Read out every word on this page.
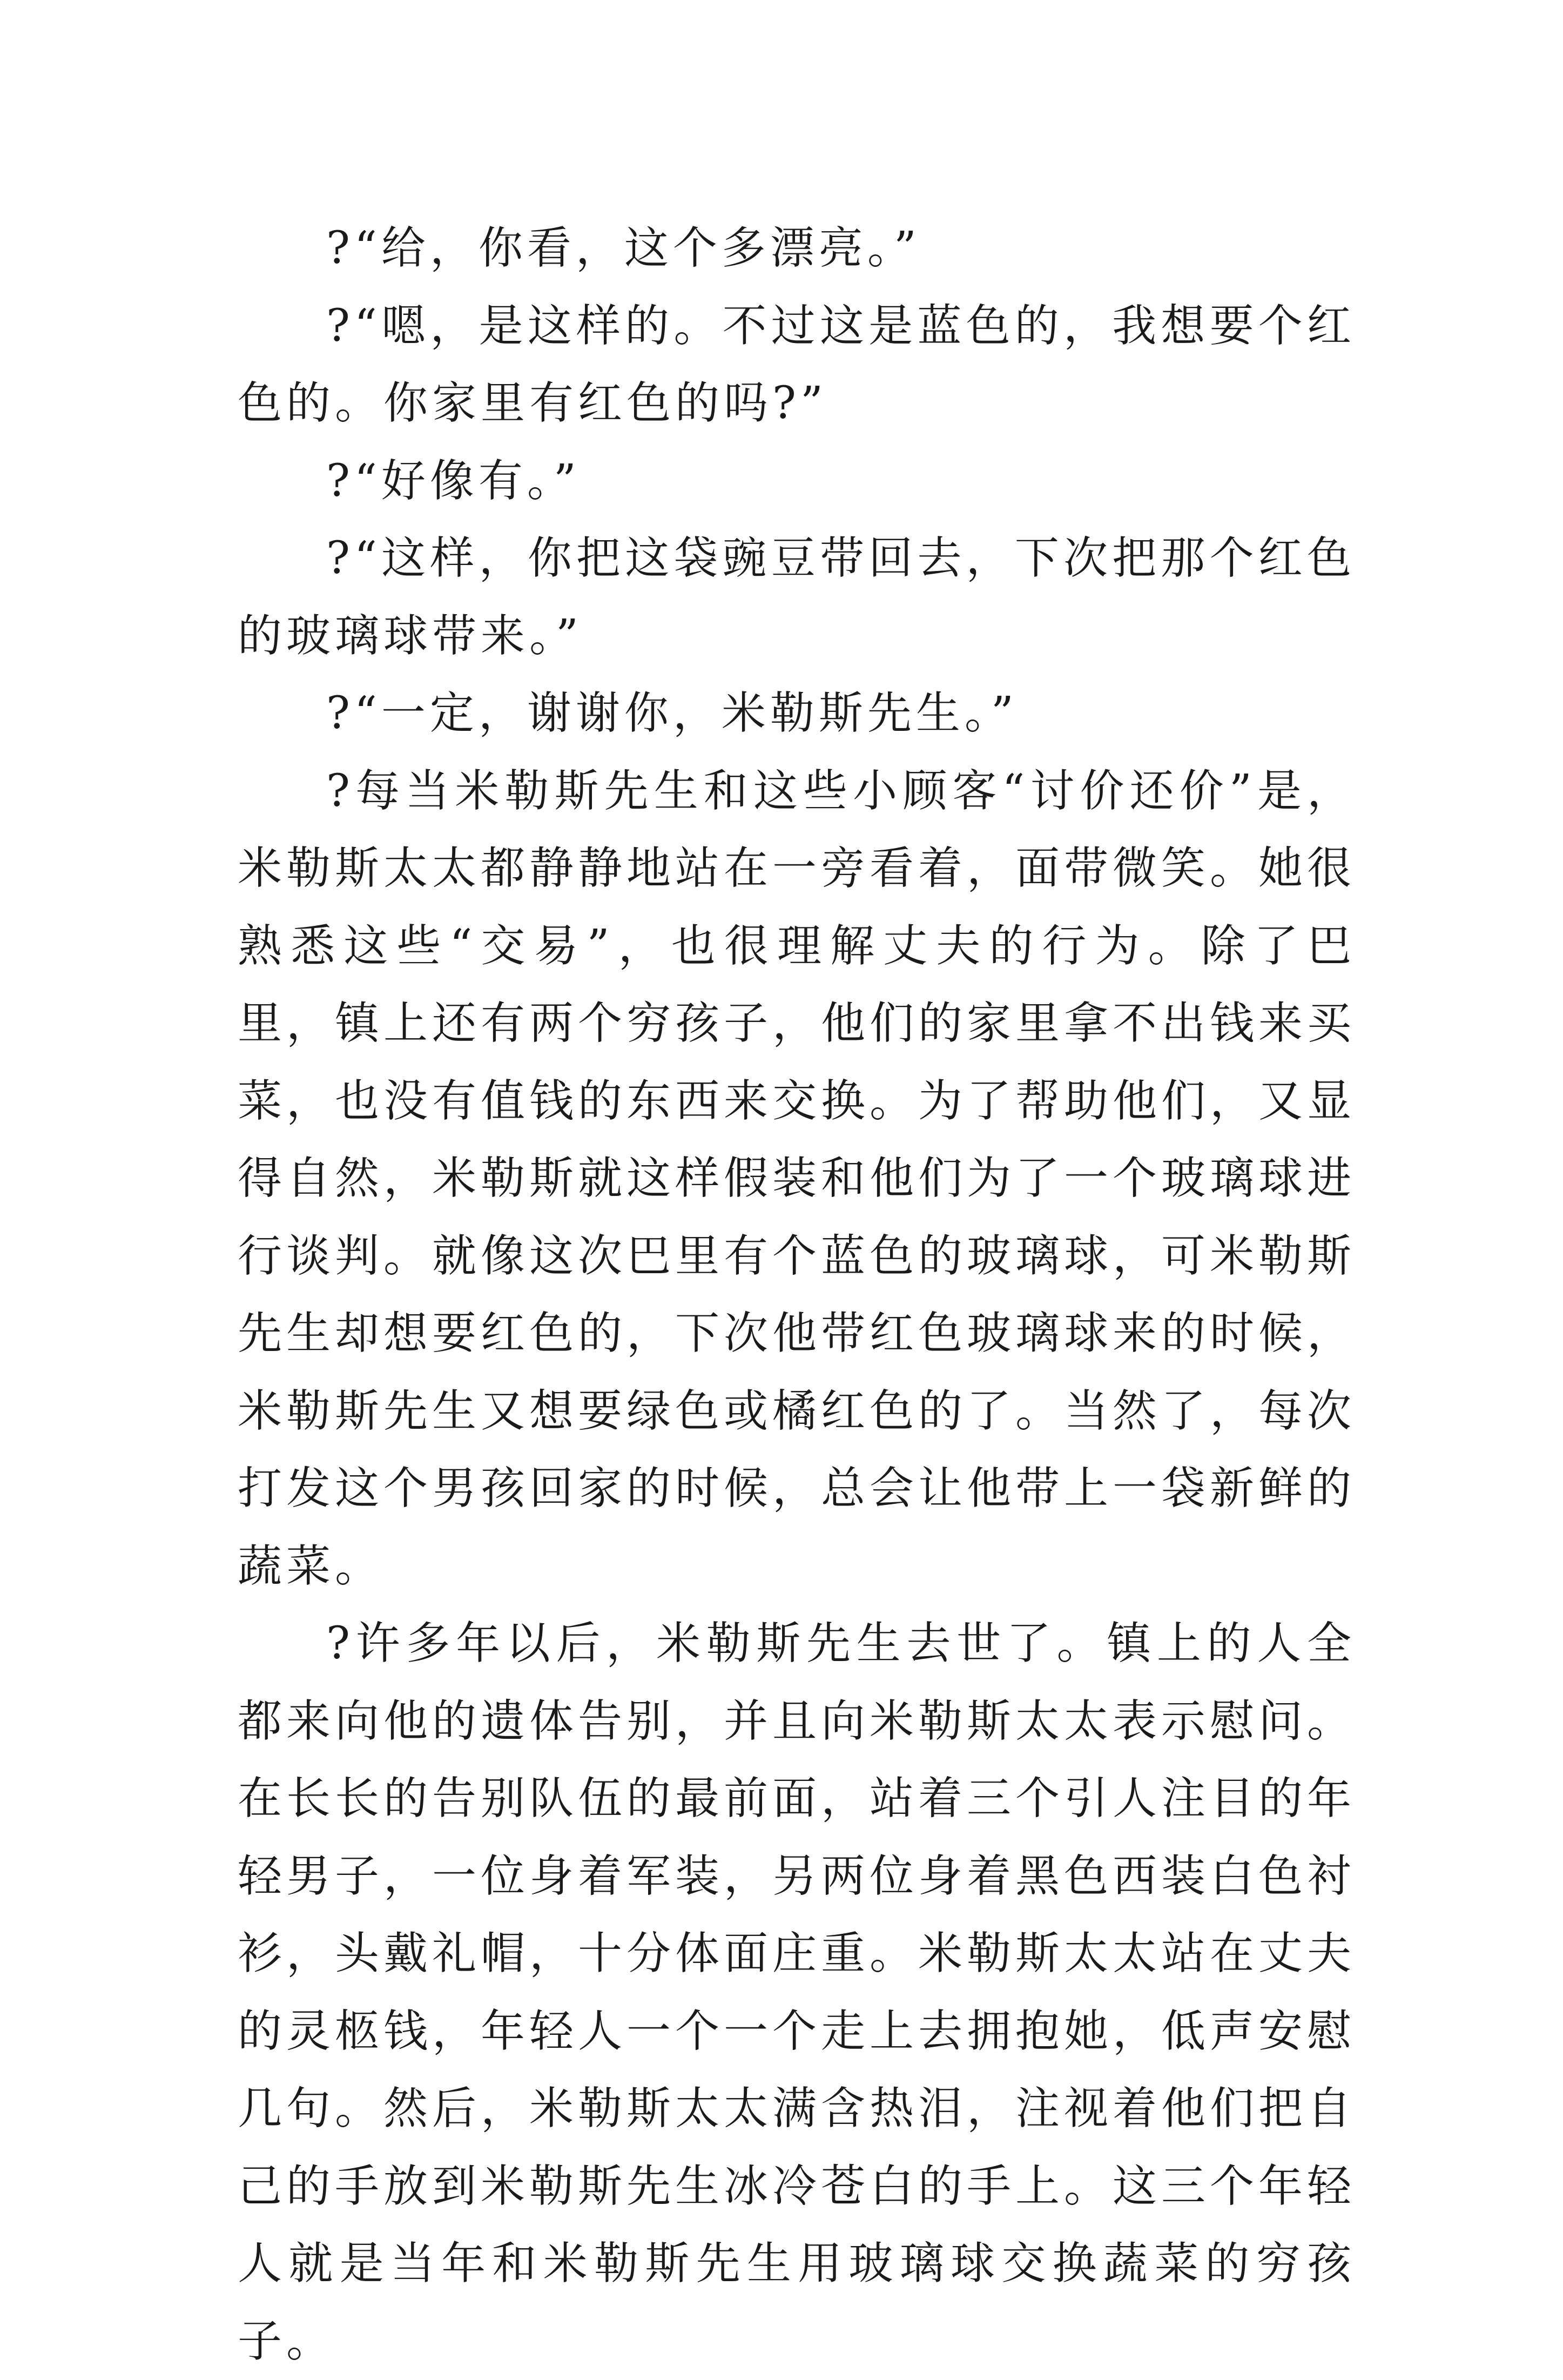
?“给，你看，这个多漂亮。”

?“嗯，是这样的。不过这是蓝色的，我想要个红色的。你家里有红色的吗?”

?“好像有。”

?“这样，你把这袋豌豆带回去，下次把那个红色的玻璃球带来。”

?“一定，谢谢你，米勒斯先生。”

?每当米勒斯先生和这些小顾客“讨价还价”是，米勒斯太太都静静地站在一旁看着，面带微笑。她很熟悉这些“交易”，也很理解丈夫的行为。除了巴里，镇上还有两个穷孩子，他们的家里拿不出钱来买菜，也没有值钱的东西来交换。为了帮助他们，又显得自然，米勒斯就这样假装和他们为了一个玻璃球进行谈判。就像这次巴里有个蓝色的玻璃球，可米勒斯先生却想要红色的，下次他带红色玻璃球来的时候，米勒斯先生又想要绿色或橘红色的了。当然了，每次打发这个男孩回家的时候，总会让他带上一袋新鲜的蔬菜。

?许多年以后，米勒斯先生去世了。镇上的人全都来向他的遗体告别，并且向米勒斯太太表示慰问。在长长的告别队伍的最前面，站着三个引人注目的年轻男子，一位身着军装，另两位身着黑色西装白色衬衫，头戴礼帽，十分体面庄重。米勒斯太太站在丈夫的灵柩钱，年轻人一个一个走上去拥抱她，低声安慰几句。然后，米勒斯太太满含热泪，注视着他们把自己的手放到米勒斯先生冰冷苍白的手上。这三个年轻人就是当年和米勒斯先生用玻璃球交换蔬菜的穷孩子。
